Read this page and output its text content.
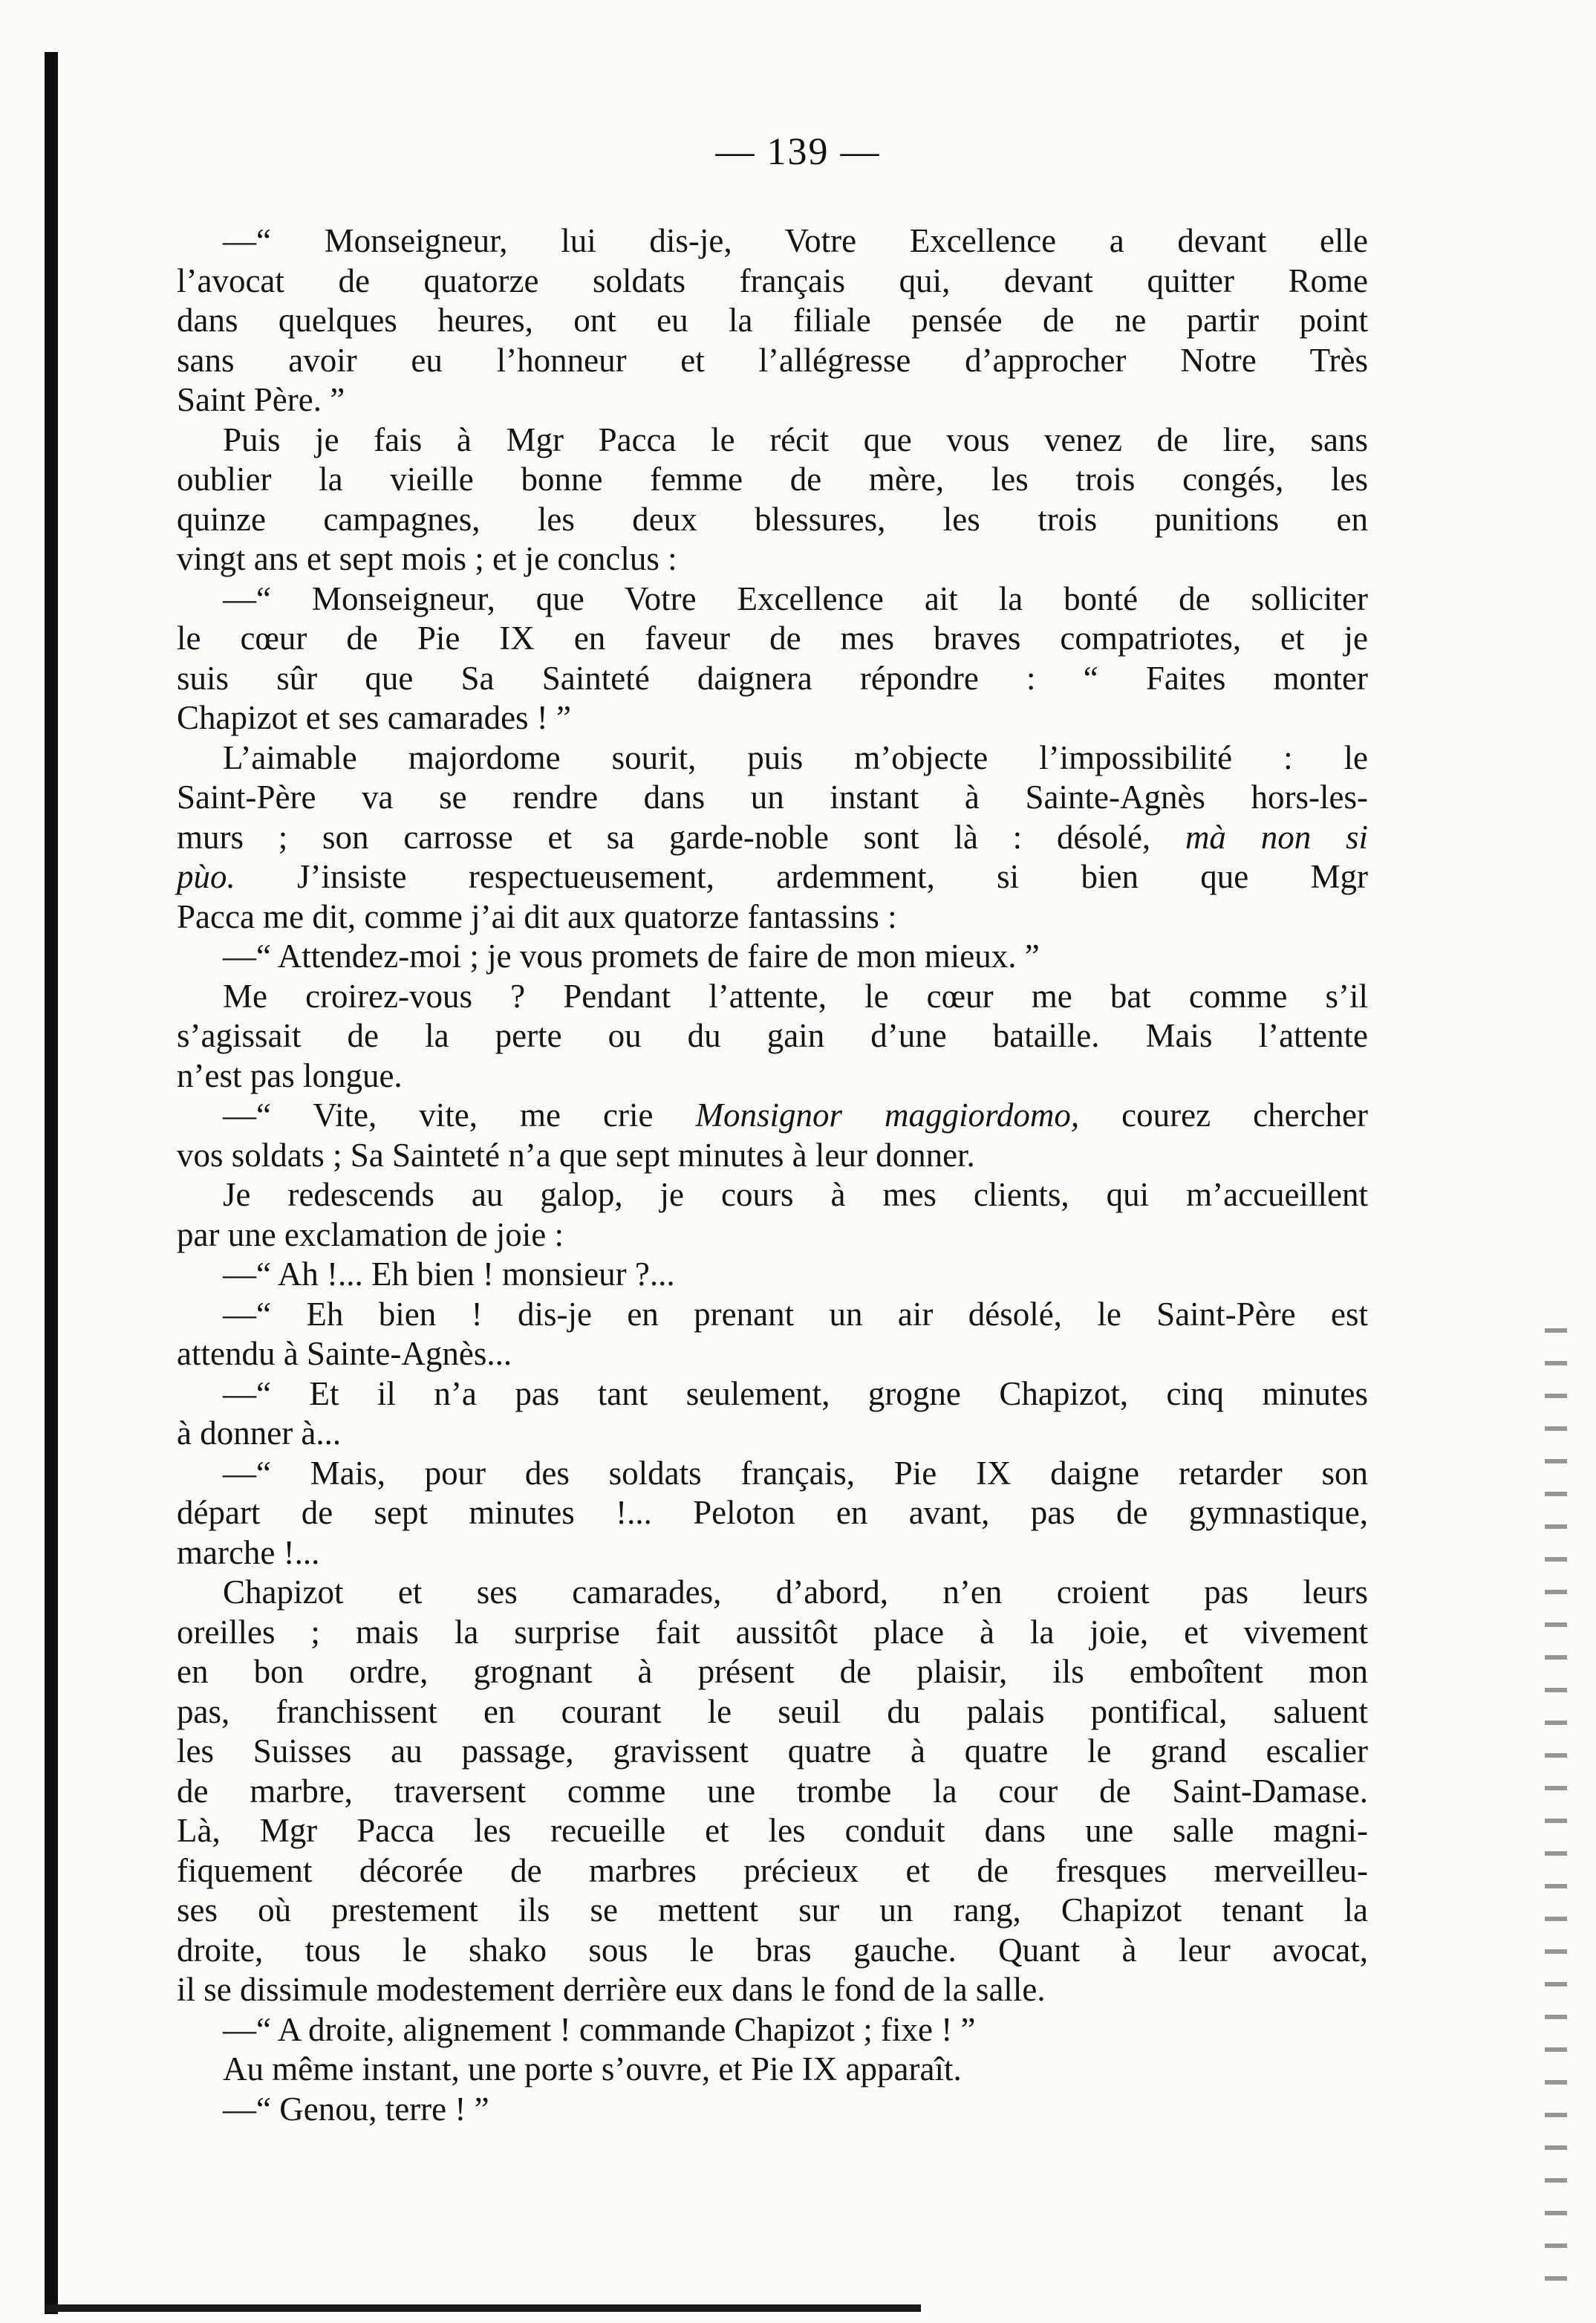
— 139 —
—“ Monseigneur, lui dis-je, Votre Excellence a devant elle
l’avocat de quatorze soldats français qui, devant quitter Rome
dans quelques heures, ont eu la filiale pensée de ne partir point
sans avoir eu l’honneur et l’allégresse d’approcher Notre Très
Saint Père. ”
Puis je fais à Mgr Pacca le récit que vous venez de lire, sans
oublier la vieille bonne femme de mère, les trois congés, les
quinze campagnes, les deux blessures, les trois punitions en
vingt ans et sept mois ; et je conclus :
—“ Monseigneur, que Votre Excellence ait la bonté de solliciter
le cœur de Pie IX en faveur de mes braves compatriotes, et je
suis sûr que Sa Sainteté daignera répondre : “ Faites monter
Chapizot et ses camarades ! ”
L’aimable majordome sourit, puis m’objecte l’impossibilité : le
Saint-Père va se rendre dans un instant à Sainte-Agnès hors-les-
murs ; son carrosse et sa garde-noble sont là : désolé, mà non si
pùo. J’insiste respectueusement, ardemment, si bien que Mgr
Pacca me dit, comme j’ai dit aux quatorze fantassins :
—“ Attendez-moi ; je vous promets de faire de mon mieux. ”
Me croirez-vous ? Pendant l’attente, le cœur me bat comme s’il
s’agissait de la perte ou du gain d’une bataille. Mais l’attente
n’est pas longue.
—“ Vite, vite, me crie Monsignor maggiordomo, courez chercher
vos soldats ; Sa Sainteté n’a que sept minutes à leur donner.
Je redescends au galop, je cours à mes clients, qui m’accueillent
par une exclamation de joie :
—“ Ah !... Eh bien ! monsieur ?...
—“ Eh bien ! dis-je en prenant un air désolé, le Saint-Père est
attendu à Sainte-Agnès...
—“ Et il n’a pas tant seulement, grogne Chapizot, cinq minutes
à donner à...
—“ Mais, pour des soldats français, Pie IX daigne retarder son
départ de sept minutes !... Peloton en avant, pas de gymnastique,
marche !...
Chapizot et ses camarades, d’abord, n’en croient pas leurs
oreilles ; mais la surprise fait aussitôt place à la joie, et vivement
en bon ordre, grognant à présent de plaisir, ils emboîtent mon
pas, franchissent en courant le seuil du palais pontifical, saluent
les Suisses au passage, gravissent quatre à quatre le grand escalier
de marbre, traversent comme une trombe la cour de Saint-Damase.
Là, Mgr Pacca les recueille et les conduit dans une salle magni-
fiquement décorée de marbres précieux et de fresques merveilleu-
ses où prestement ils se mettent sur un rang, Chapizot tenant la
droite, tous le shako sous le bras gauche. Quant à leur avocat,
il se dissimule modestement derrière eux dans le fond de la salle.
—“ A droite, alignement ! commande Chapizot ; fixe ! ”
Au même instant, une porte s’ouvre, et Pie IX apparaît.
—“ Genou, terre ! ”
